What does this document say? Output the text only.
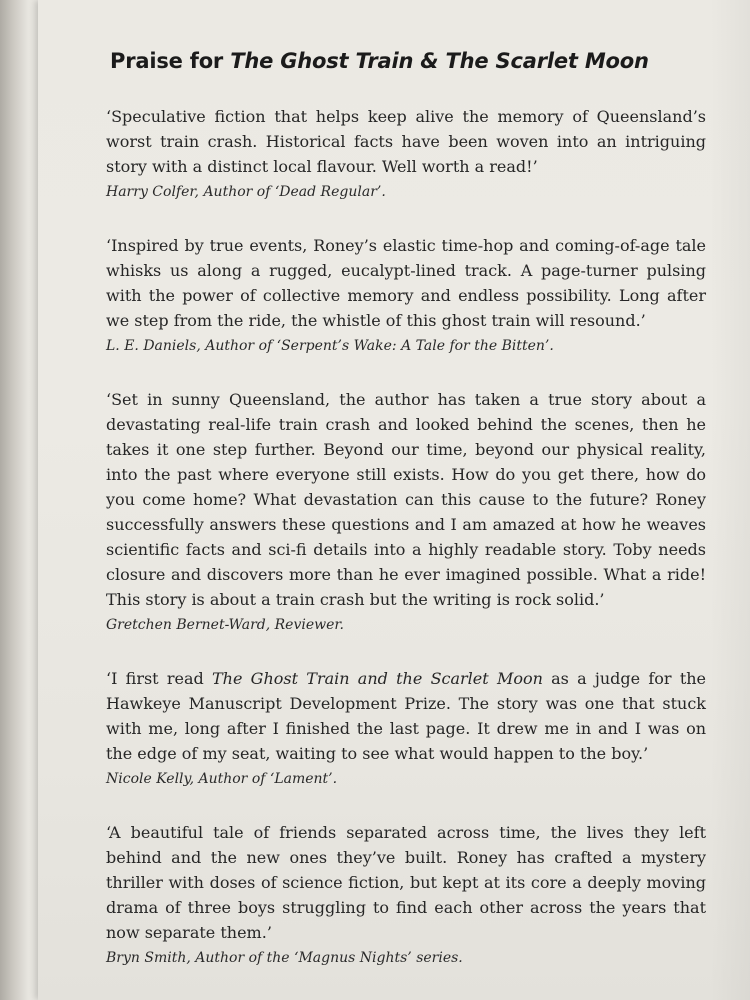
Praise for The Ghost Train & The Scarlet Moon

‘Speculative fiction that helps keep alive the memory of Queensland’s worst train crash. Historical facts have been woven into an intriguing story with a distinct local flavour. Well worth a read!’

Harry Colfer, Author of ‘Dead Regular’.

‘Inspired by true events, Roney’s elastic time-hop and coming-of-age tale whisks us along a rugged, eucalypt-lined track. A page-turner pulsing with the power of collective memory and endless possibility. Long after we step from the ride, the whistle of this ghost train will resound.’

L. E. Daniels, Author of ‘Serpent’s Wake: A Tale for the Bitten’.

‘Set in sunny Queensland, the author has taken a true story about a devastating real-life train crash and looked behind the scenes, then he takes it one step further. Beyond our time, beyond our physical reality, into the past where everyone still exists. How do you get there, how do you come home? What devastation can this cause to the future? Roney successfully answers these questions and I am amazed at how he weaves scientific facts and sci-fi details into a highly readable story. Toby needs closure and discovers more than he ever imagined possible. What a ride! This story is about a train crash but the writing is rock solid.’

Gretchen Bernet-Ward, Reviewer.

‘I first read The Ghost Train and the Scarlet Moon as a judge for the Hawkeye Manuscript Development Prize. The story was one that stuck with me, long after I finished the last page. It drew me in and I was on the edge of my seat, waiting to see what would happen to the boy.’

Nicole Kelly, Author of ‘Lament’.

‘A beautiful tale of friends separated across time, the lives they left behind and the new ones they’ve built. Roney has crafted a mystery thriller with doses of science fiction, but kept at its core a deeply moving drama of three boys struggling to find each other across the years that now separate them.’

Bryn Smith, Author of the ‘Magnus Nights’ series.
